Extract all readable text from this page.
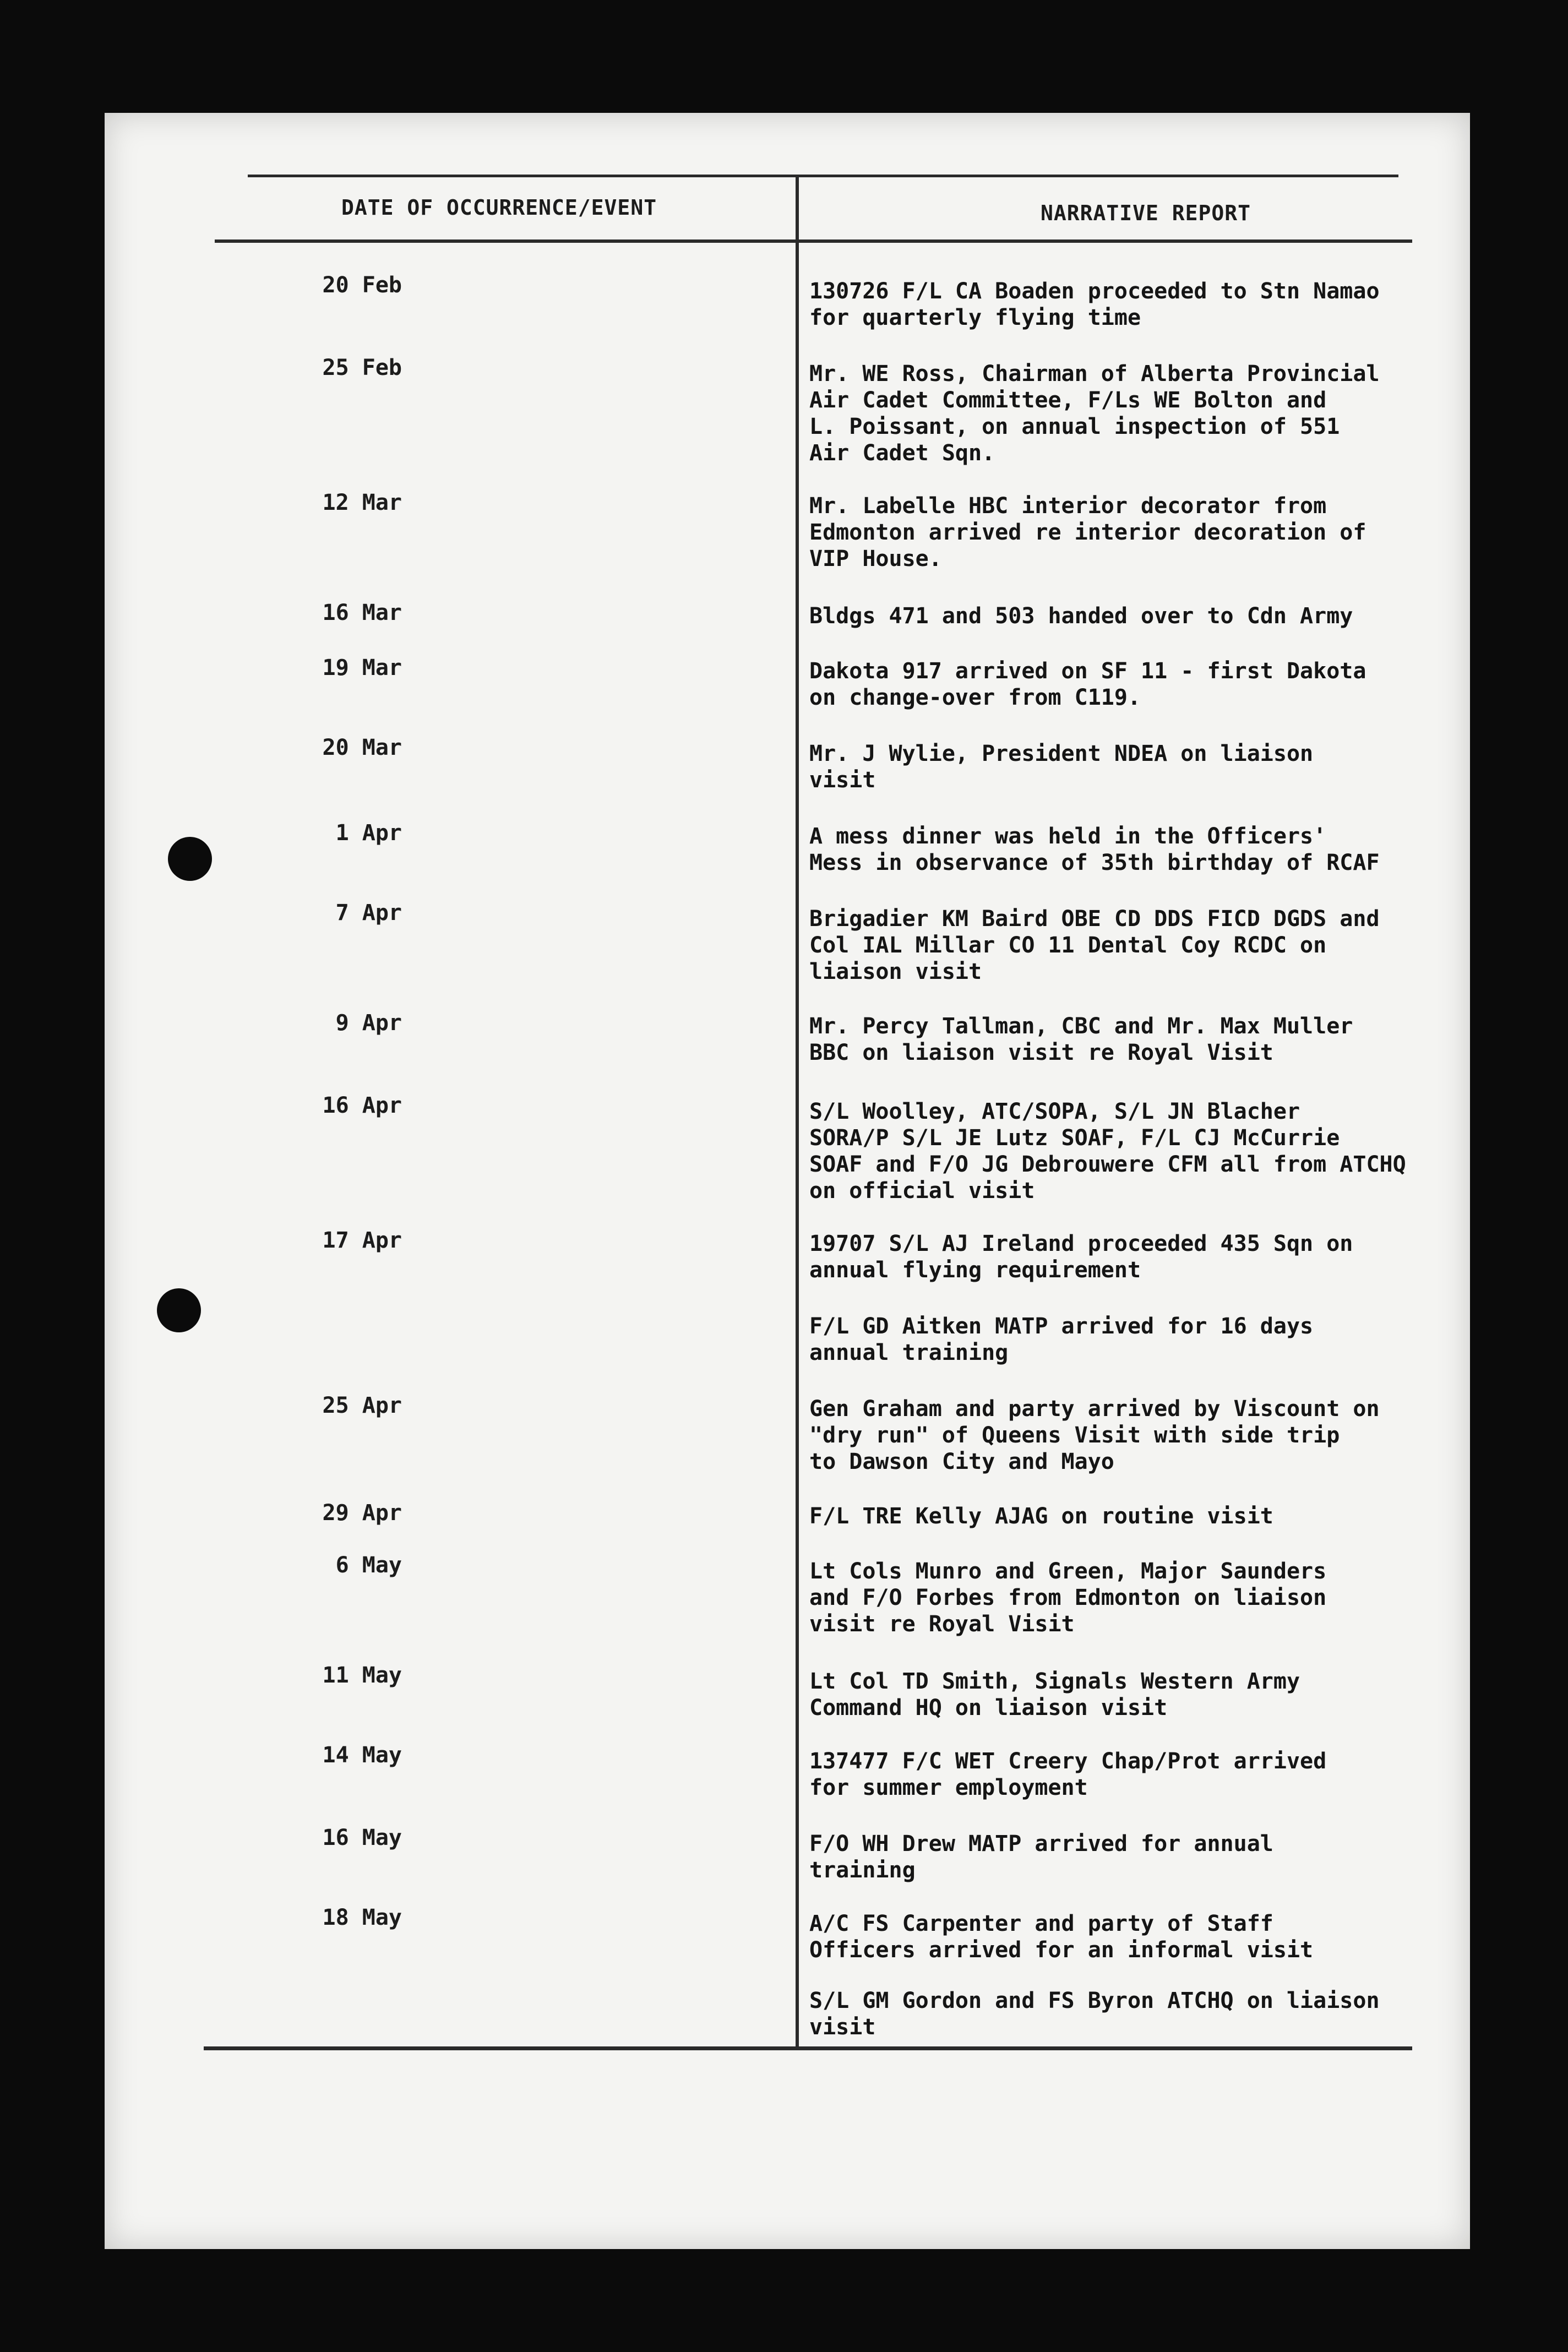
DATE OF OCCURRENCE/EVENT	NARRATIVE REPORT
20 Feb	130726 F/L CA Boaden proceeded to Stn Namao
for quarterly flying time
25 Feb	Mr. WE Ross, Chairman of Alberta Provincial
Air Cadet Committee, F/Ls WE Bolton and
L. Poissant, on annual inspection of 551
Air Cadet Sqn.
12 Mar	Mr. Labelle HBC interior decorator from
Edmonton arrived re interior decoration of
VIP House.
16 Mar	Bldgs 471 and 503 handed over to Cdn Army
19 Mar	Dakota 917 arrived on SF 11 - first Dakota
on change-over from C119.
20 Mar	Mr. J Wylie, President NDEA on liaison
visit
1 Apr	A mess dinner was held in the Officers'
Mess in observance of 35th birthday of RCAF
7 Apr	Brigadier KM Baird OBE CD DDS FICD DGDS and
Col IAL Millar CO 11 Dental Coy RCDC on
liaison visit
9 Apr	Mr. Percy Tallman, CBC and Mr. Max Muller
BBC on liaison visit re Royal Visit
16 Apr	S/L Woolley, ATC/SOPA, S/L JN Blacher
SORA/P S/L JE Lutz SOAF, F/L CJ McCurrie
SOAF and F/O JG Debrouwere CFM all from ATCHQ
on official visit
17 Apr	19707 S/L AJ Ireland proceeded 435 Sqn on
annual flying requirement
F/L GD Aitken MATP arrived for 16 days
annual training
25 Apr	Gen Graham and party arrived by Viscount on
"dry run" of Queens Visit with side trip
to Dawson City and Mayo
29 Apr	F/L TRE Kelly AJAG on routine visit
6 May	Lt Cols Munro and Green, Major Saunders
and F/O Forbes from Edmonton on liaison
visit re Royal Visit
11 May	Lt Col TD Smith, Signals Western Army
Command HQ on liaison visit
14 May	137477 F/C WET Creery Chap/Prot arrived
for summer employment
16 May	F/O WH Drew MATP arrived for annual
training
18 May	A/C FS Carpenter and party of Staff
Officers arrived for an informal visit
S/L GM Gordon and FS Byron ATCHQ on liaison
visit
